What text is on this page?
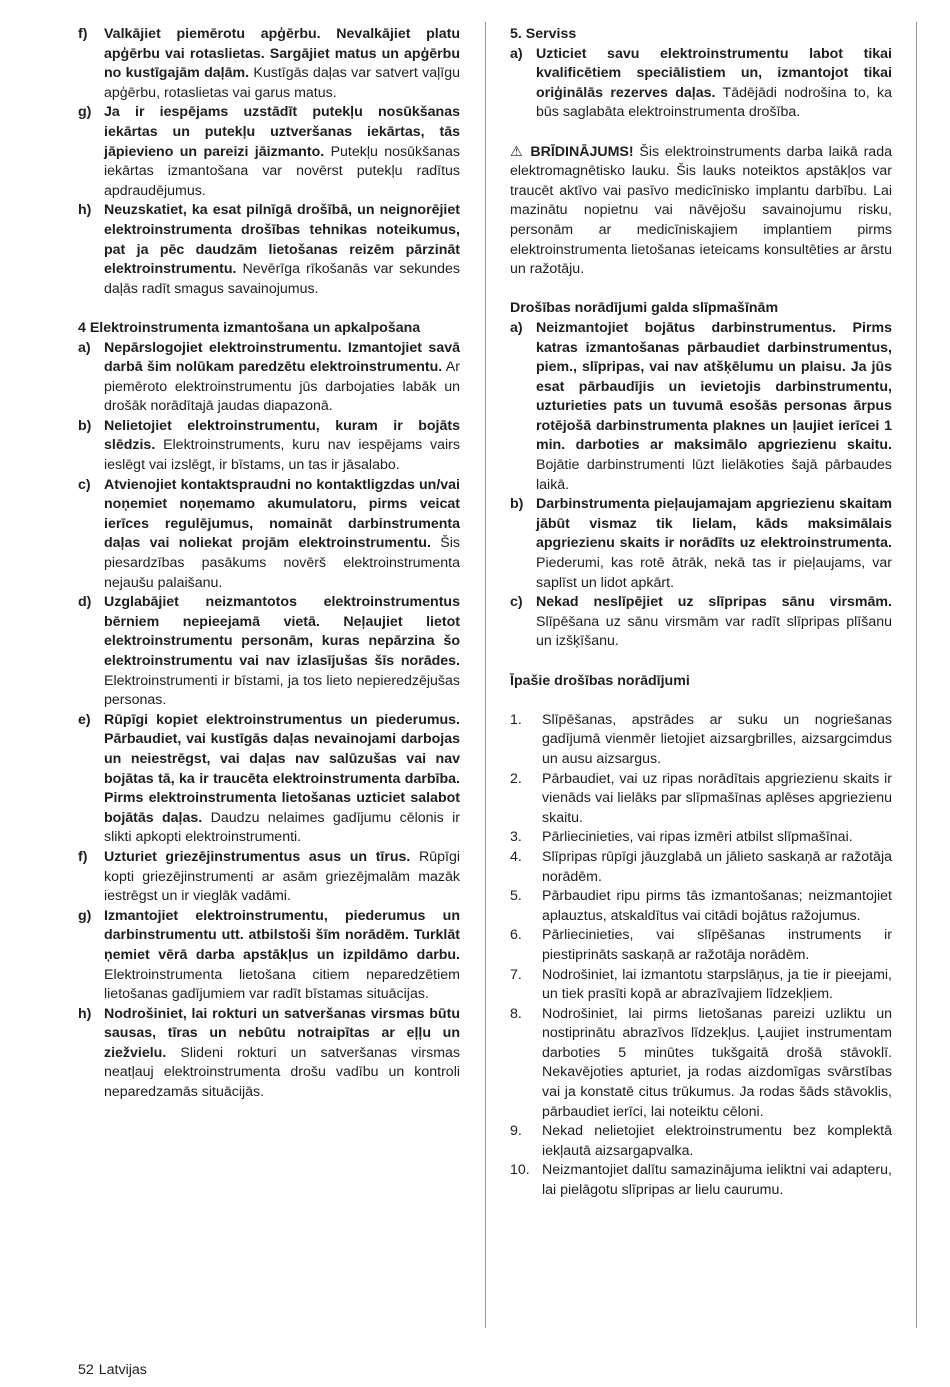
f) Valkājiet piemērotu apģērbu. Nevalkājiet platu apģērbu vai rotaslietas. Sargājiet matus un apģērbu no kustīgajām daļām. Kustīgās daļas var satvert vaļīgu apģērbu, rotaslietas vai garus matus.
g) Ja ir iespējams uzstādīt putekļu nosūkšanas iekārtas un putekļu uztveršanas iekārtas, tās jāpievieno un pareizi jāizmanto. Putekļu nosūkšanas iekārtas izmantošana var novērst putekļu radītus apdraudējumus.
h) Neuzskatiet, ka esat pilnīgā drošībā, un neignorējiet elektroinstrumenta drošības tehnikas noteikumus, pat ja pēc daudzām lietošanas reizēm pārzināt elektroinstrumentu. Nevērīga rīkošanās var sekundes daļās radīt smagus savainojumus.
4 Elektroinstrumenta izmantošana un apkalpošana
a) Nepārslogojiet elektroinstrumentu. Izmantojiet savā darbā šim nolūkam paredzētu elektroinstrumentu. Ar piemēroto elektroinstrumentu jūs darbojaties labāk un drošāk norādītajā jaudas diapazonā.
b) Nelietojiet elektroinstrumentu, kuram ir bojāts slēdzis. Elektroinstruments, kuru nav iespējams vairs ieslēgt vai izslēgt, ir bīstams, un tas ir jāsalabo.
c) Atvienojiet kontaktspraudni no kontaktligzdas un/vai noņemiet noņemamo akumulatoru, pirms veicat ierīces regulējumus, nomaināt darbinstrumenta daļas vai noliekat projām elektroinstrumentu. Šis piesardzības pasākums novērš elektroinstrumenta nejaušu palaišanu.
d) Uzglabājiet neizmantotos elektroinstrumentus bērniem nepieejamā vietā. Neļaujiet lietot elektroinstrumentu personām, kuras nepārzina šo elektroinstrumentu vai nav izlasījušas šīs norādes. Elektroinstrumenti ir bīstami, ja tos lieto nepieredzējušas personas.
e) Rūpīgi kopiet elektroinstrumentus un piederumus. Pārbaudiet, vai kustīgās daļas nevainojami darbojas un neiestrēgst, vai daļas nav salūzušas vai nav bojātas tā, ka ir traucēta elektroinstrumenta darbība. Pirms elektroinstrumenta lietošanas uzticiet salabot bojātās daļas. Daudzu nelaimes gadījumu cēlonis ir slikti apkopti elektroinstrumenti.
f) Uzturiet griezējinstrumentus asus un tīrus. Rūpīgi kopti griezējinstrumenti ar asām griezējmalām mazāk iestrēgst un ir vieglāk vadāmi.
g) Izmantojiet elektroinstrumentu, piederumus un darbinstrumentu utt. atbilstoši šīm norādēm. Turklāt ņemiet vērā darba apstākļus un izpildāmo darbu. Elektroinstrumenta lietošana citiem neparedzētiem lietošanas gadījumiem var radīt bīstamas situācijas.
h) Nodrošiniet, lai rokturi un satveršanas virsmas būtu sausas, tīras un nebūtu notraipītas ar eļļu un ziežvielu. Slideni rokturi un satveršanas virsmas neatļauj elektroinstrumenta drošu vadību un kontroli neparedzamās situācijās.
5. Serviss
a) Uzticiet savu elektroinstrumentu labot tikai kvalificētiem speciālistiem un, izmantojot tikai oriģinālās rezerves daļas. Tādējādi nodrošina to, ka būs saglabāta elektroinstrumenta drošība.
⚠ BRĪDINĀJUMS! Šis elektroinstruments darba laikā rada elektromagnētisko lauku. Šis lauks noteiktos apstākļos var traucēt aktīvo vai pasīvo medicīnisko implantu darbību. Lai mazinātu nopietnu vai nāvējošu savainojumu risku, personām ar medicīniskajiem implantiem pirms elektroinstrumenta lietošanas ieteicams konsultēties ar ārstu un ražotāju.
Drošības norādījumi galda slīpmašīnām
a) Neizmantojiet bojātus darbinstrumentus. Pirms katras izmantošanas pārbaudiet darbinstrumentus, piem., slīpripas, vai nav atšķēlumu un plaisu. Ja jūs esat pārbaudījis un ievietojis darbinstrumentu, uzturieties pats un tuvumā esošās personas ārpus rotējošā darbinstrumenta plaknes un ļaujiet ierīcei 1 min. darboties ar maksimālo apgriezienu skaitu. Bojātie darbinstrumenti lūzt lielākoties šajā pārbaudes laikā.
b) Darbinstrumenta pieļaujamajam apgriezienu skaitam jābūt vismaz tik lielam, kāds maksimālais apgriezienu skaits ir norādīts uz elektroinstrumenta. Piederumi, kas rotē ātrāk, nekā tas ir pieļaujams, var saplīst un lidot apkārt.
c) Nekad neslīpējiet uz slīpripas sānu virsmām. Slīpēšana uz sānu virsmām var radīt slīpripas plīšanu un izšķīšanu.
Īpašie drošības norādījumi
1. Slīpēšanas, apstrādes ar suku un nogriešanas gadījumā vienmēr lietojiet aizsargbrilles, aizsargcimdus un ausu aizsargus.
2. Pārbaudiet, vai uz ripas norādītais apgriezienu skaits ir vienāds vai lielāks par slīpmašīnas aplēses apgriezienu skaitu.
3. Pārliecinieties, vai ripas izmēri atbilst slīpmašīnai.
4. Slīpripas rūpīgi jāuzglabā un jālieto saskaņā ar ražotāja norādēm.
5. Pārbaudiet ripu pirms tās izmantošanas; neizmantojiet aplauztus, atskaldītus vai citādi bojātus ražojumus.
6. Pārliecinieties, vai slīpēšanas instruments ir piestiprināts saskaņā ar ražotāja norādēm.
7. Nodrošiniet, lai izmantotu starpslāņus, ja tie ir pieejami, un tiek prasīti kopā ar abrazīvajiem līdzekļiem.
8. Nodrošiniet, lai pirms lietošanas pareizi uzliktu un nostiprinātu abrazīvos līdzekļus. Ļaujiet instrumentam darboties 5 minūtes tukšgaitā drošā stāvoklī. Nekavējoties apturiet, ja rodas aizdomīgas svārstības vai ja konstatē citus trūkumus. Ja rodas šāds stāvoklis, pārbaudiet ierīci, lai noteiktu cēloni.
9. Nekad nelietojiet elektroinstrumentu bez komplektā iekļautā aizsargapvalka.
10. Neizmantojiet dalītu samazinājuma ieliktni vai adapteru, lai pielāgotu slīpripas ar lielu caurumu.
52 Latvijas
